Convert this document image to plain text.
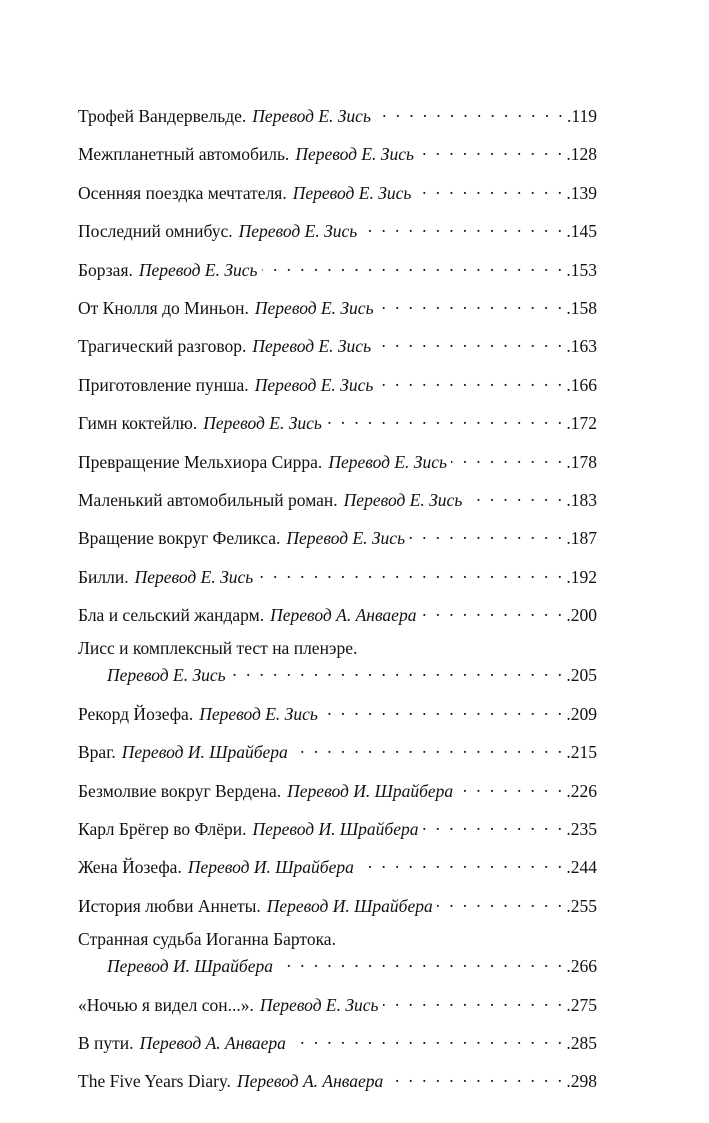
Трофей Вандервельде. Перевод Е. Зись . . .	.119
Межпланетный автомобиль. Перевод Е. Зись . . .	.128
Осенняя поездка мечтателя. Перевод Е. Зись . . .	.139
Последний омнибус. Перевод Е. Зись . . .	.145
Борзая. Перевод Е. Зись . . .	.153
От Кнолля до Миньон. Перевод Е. Зись . . .	.158
Трагический разговор. Перевод Е. Зись . . .	.163
Приготовление пунша. Перевод Е. Зись . . .	.166
Гимн коктейлю. Перевод Е. Зись . . .	.172
Превращение Мельхиора Сирра. Перевод Е. Зись . . .	.178
Маленький автомобильный роман. Перевод Е. Зись . . .	.183
Вращение вокруг Феликса. Перевод Е. Зись . . .	.187
Билли. Перевод Е. Зись . . .	.192
Бла и сельский жандарм. Перевод А. Анваера . . .	.200
Лисс и комплексный тест на пленэре.
Перевод Е. Зись . . .	.205
Рекорд Йозефа. Перевод Е. Зись . . .	.209
Враг. Перевод И. Шрайбера . . .	.215
Безмолвие вокруг Вердена. Перевод И. Шрайбера . . .	.226
Карл Брёгер во Флёри. Перевод И. Шрайбера . . .	.235
Жена Йозефа. Перевод И. Шрайбера . . .	.244
История любви Аннеты. Перевод И. Шрайбера . . .	.255
Странная судьба Иоганна Бартока.
Перевод И. Шрайбера . . .	.266
«Ночью я видел сон...». Перевод Е. Зись . . .	.275
В пути. Перевод А. Анваера . . .	.285
The Five Years Diary. Перевод А. Анваера . . .	.298
